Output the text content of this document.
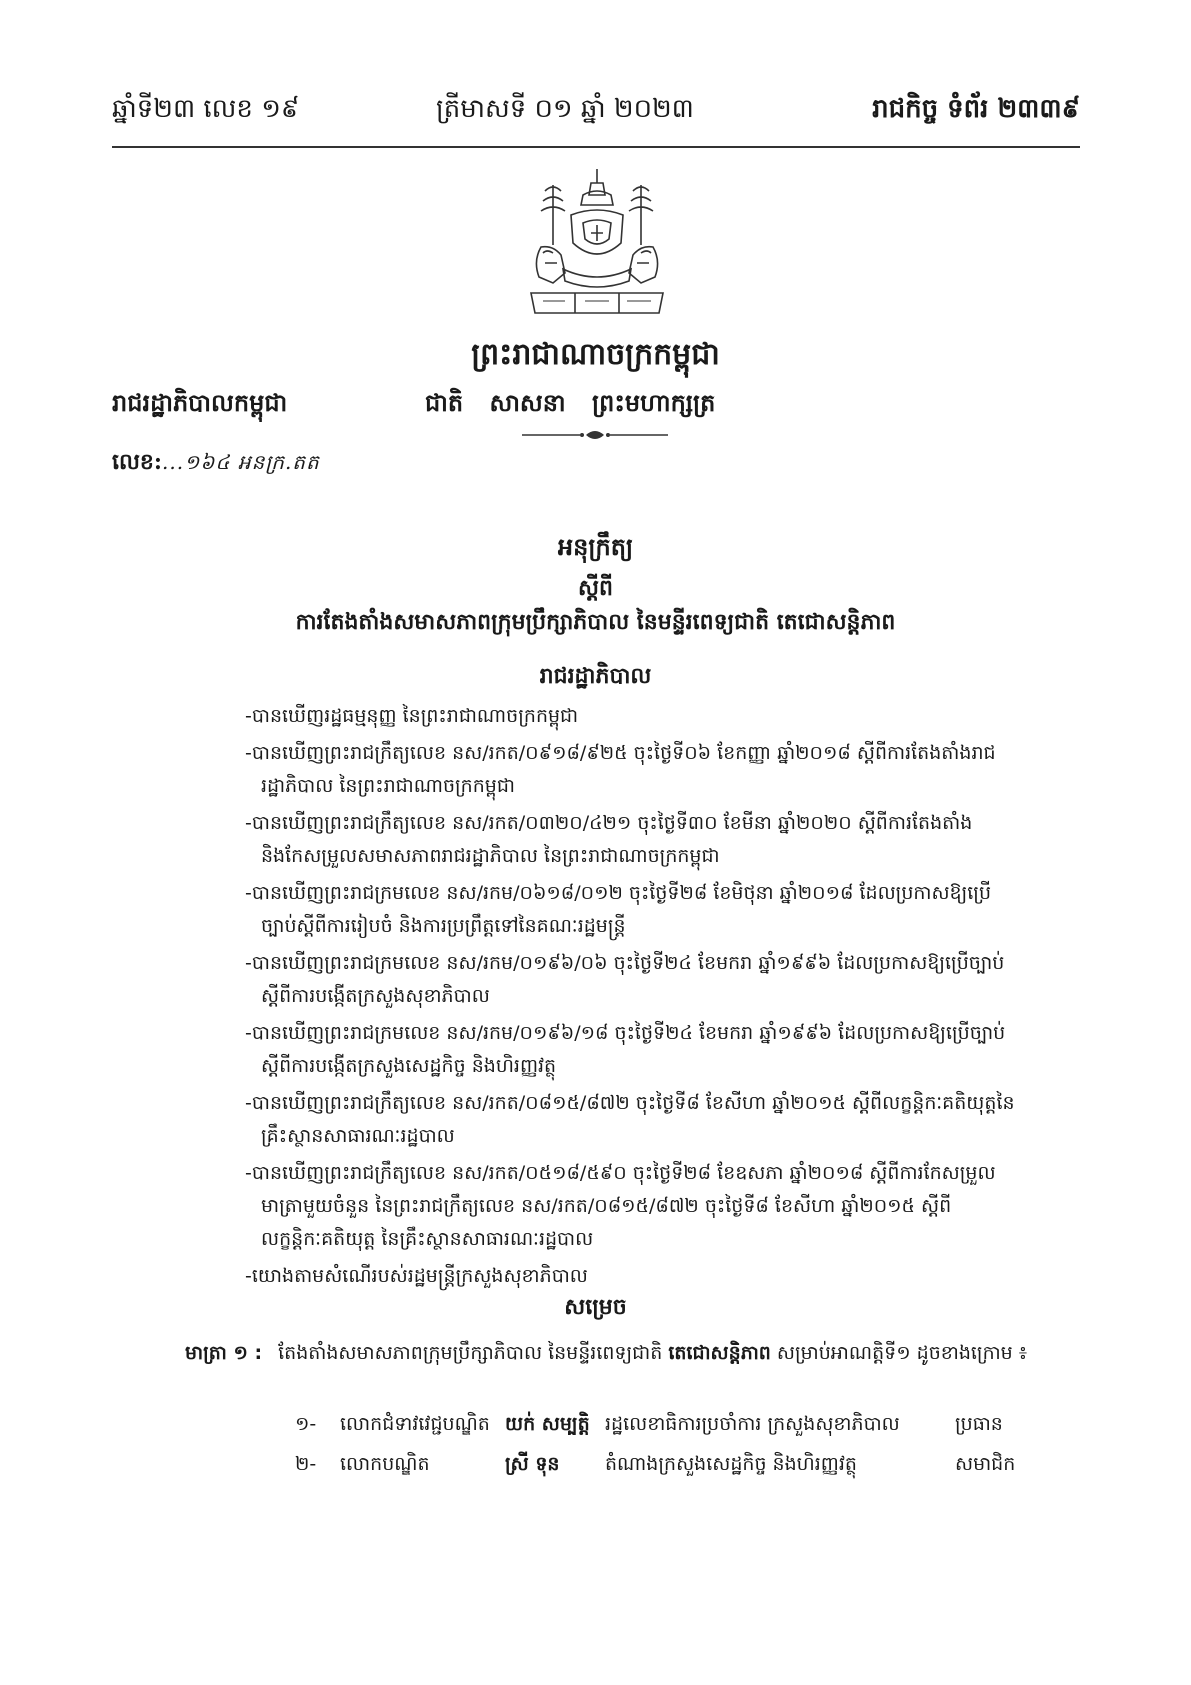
ឆ្នាំទី២៣ លេខ ១៩	ត្រីមាសទី ០១ ឆ្នាំ ២០២៣	រាជកិច្ច ទំព័រ ២៣៣៩
ព្រះរាជាណាចក្រកម្ពុជា
រាជរដ្ឋាភិបាលកម្ពុជា	ជាតិ សាសនា ព្រះមហាក្សត្រ
លេខ:...១៦៤ អនក្រ.តត
អនុក្រឹត្យ
ស្តីពី
ការតែងតាំងសមាសភាពក្រុមប្រឹក្សាភិបាល នៃមន្ទីរពេទ្យជាតិ តេជោសន្តិភាព
រាជរដ្ឋាភិបាល
-បានឃើញរដ្ឋធម្មនុញ្ញ នៃព្រះរាជាណាចក្រកម្ពុជា
-បានឃើញព្រះរាជក្រឹត្យលេខ នស/រកត/០៩១៨/៩២៥ ចុះថ្ងៃទី០៦ ខែកញ្ញា ឆ្នាំ២០១៨ ស្តីពីការតែងតាំងរាជរដ្ឋាភិបាល នៃព្រះរាជាណាចក្រកម្ពុជា
-បានឃើញព្រះរាជក្រឹត្យលេខ នស/រកត/០៣២០/៤២១ ចុះថ្ងៃទី៣០ ខែមីនា ឆ្នាំ២០២០ ស្តីពីការតែងតាំង និងកែសម្រួលសមាសភាពរាជរដ្ឋាភិបាល នៃព្រះរាជាណាចក្រកម្ពុជា
-បានឃើញព្រះរាជក្រមលេខ នស/រកម/០៦១៨/០១២ ចុះថ្ងៃទី២៨ ខែមិថុនា ឆ្នាំ២០១៨ ដែលប្រកាសឱ្យប្រើច្បាប់ស្តីពីការរៀបចំ និងការប្រព្រឹត្តទៅនៃគណៈរដ្ឋមន្ត្រី
-បានឃើញព្រះរាជក្រមលេខ នស/រកម/០១៩៦/០៦ ចុះថ្ងៃទី២៤ ខែមករា ឆ្នាំ១៩៩៦ ដែលប្រកាសឱ្យប្រើច្បាប់ស្តីពីការបង្កើតក្រសួងសុខាភិបាល
-បានឃើញព្រះរាជក្រមលេខ នស/រកម/០១៩៦/១៨ ចុះថ្ងៃទី២៤ ខែមករា ឆ្នាំ១៩៩៦ ដែលប្រកាសឱ្យប្រើច្បាប់ស្តីពីការបង្កើតក្រសួងសេដ្ឋកិច្ច និងហិរញ្ញវត្ថុ
-បានឃើញព្រះរាជក្រឹត្យលេខ នស/រកត/០៨១៥/៨៧២ ចុះថ្ងៃទី៨ ខែសីហា ឆ្នាំ២០១៥ ស្តីពីលក្ខន្តិកៈគតិយុត្តនៃគ្រឹះស្ថានសាធារណៈរដ្ឋបាល
-បានឃើញព្រះរាជក្រឹត្យលេខ នស/រកត/០៥១៨/៥៩០ ចុះថ្ងៃទី២៨ ខែឧសភា ឆ្នាំ២០១៨ ស្តីពីការកែសម្រួលមាត្រាមួយចំនួន នៃព្រះរាជក្រឹត្យលេខ នស/រកត/០៨១៥/៨៧២ ចុះថ្ងៃទី៨ ខែសីហា ឆ្នាំ២០១៥ ស្តីពីលក្ខន្តិកៈគតិយុត្ត នៃគ្រឹះស្ថានសាធារណៈរដ្ឋបាល
-យោងតាមសំណើរបស់រដ្ឋមន្ត្រីក្រសួងសុខាភិបាល
សម្រេច
មាត្រា ១ : តែងតាំងសមាសភាពក្រុមប្រឹក្សាភិបាល នៃមន្ទីរពេទ្យជាតិ តេជោសន្តិភាព សម្រាប់អាណត្តិទី១ ដូចខាងក្រោម ៖
១- លោកជំទាវវេជ្ជបណ្ឌិត យក់ សម្បត្តិ រដ្ឋលេខាធិការប្រចាំការ ក្រសួងសុខាភិបាល	ប្រធាន
២- លោកបណ្ឌិត	ស្រី ទុន តំណាងក្រសួងសេដ្ឋកិច្ច និងហិរញ្ញវត្ថុ	សមាជិក
